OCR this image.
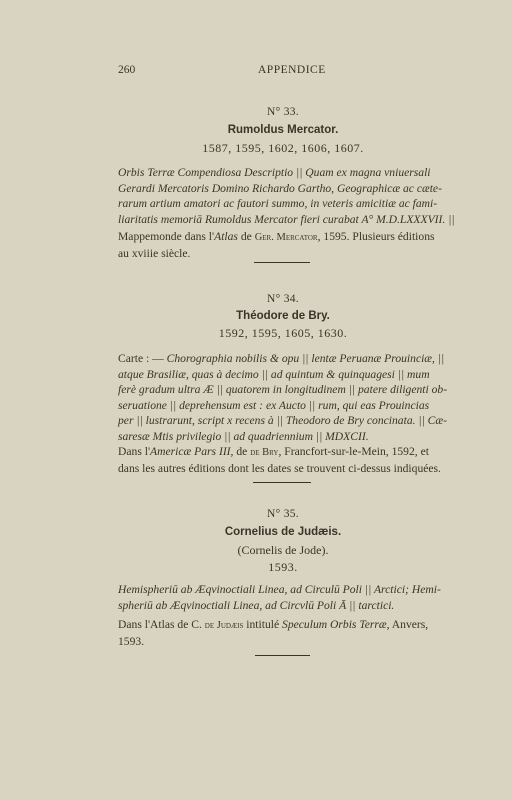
260	APPENDICE
N° 33.
Rumoldus Mercator.
1587, 1595, 1602, 1606, 1607.
Orbis Terræ Compendiosa Descriptio || Quam ex magna vniuersali
Gerardi Mercatoris Domino Richardo Gartho, Geographicæ ac cæte-
rarum artium amatori ac fautori summo, in veteris amicitiæ ac fami-
liaritatis memoriā Rumoldus Mercator fieri curabat A° M.D.LXXXVII. ||
Mappemonde dans l'Atlas de Ger. Mercator, 1595. Plusieurs éditions
au xviiie siècle.
N° 34.
Théodore de Bry.
1592, 1595, 1605, 1630.
Carte : — Chorographia nobilis & opu || lentæ Peruanæ Prouinciæ, ||
atque Brasiliæ, quas à decimo || ad quintum & quinquagesi || mum
ferè gradum ultra Æ || quatorem in longitudinem || patere diligenti ob-
seruatione || deprehensum est : ex Aucto || rum, qui eas Prouincias
per || lustrarunt, script x recens à || Theodoro de Bry concinata. || Cæ-
saresæ Mtis privilegio || ad quadriennium || MDXCII.
Dans l'Americæ Pars III, de de Bry, Francfort-sur-le-Mein, 1592, et
dans les autres éditions dont les dates se trouvent ci-dessus indiquées.
N° 35.
Cornelius de Judæis.
(Cornelis de Jode).
1593.
Hemispheriū ab Æqvinoctiali Linea, ad Circulū Poli || Arctici; Hemi-
spheriū ab Æqvinoctiali Linea, ad Circvlū Poli Ā || tarctici.
Dans l'Atlas de C. de Judæis intitulé Speculum Orbis Terræ, Anvers,
1593.
